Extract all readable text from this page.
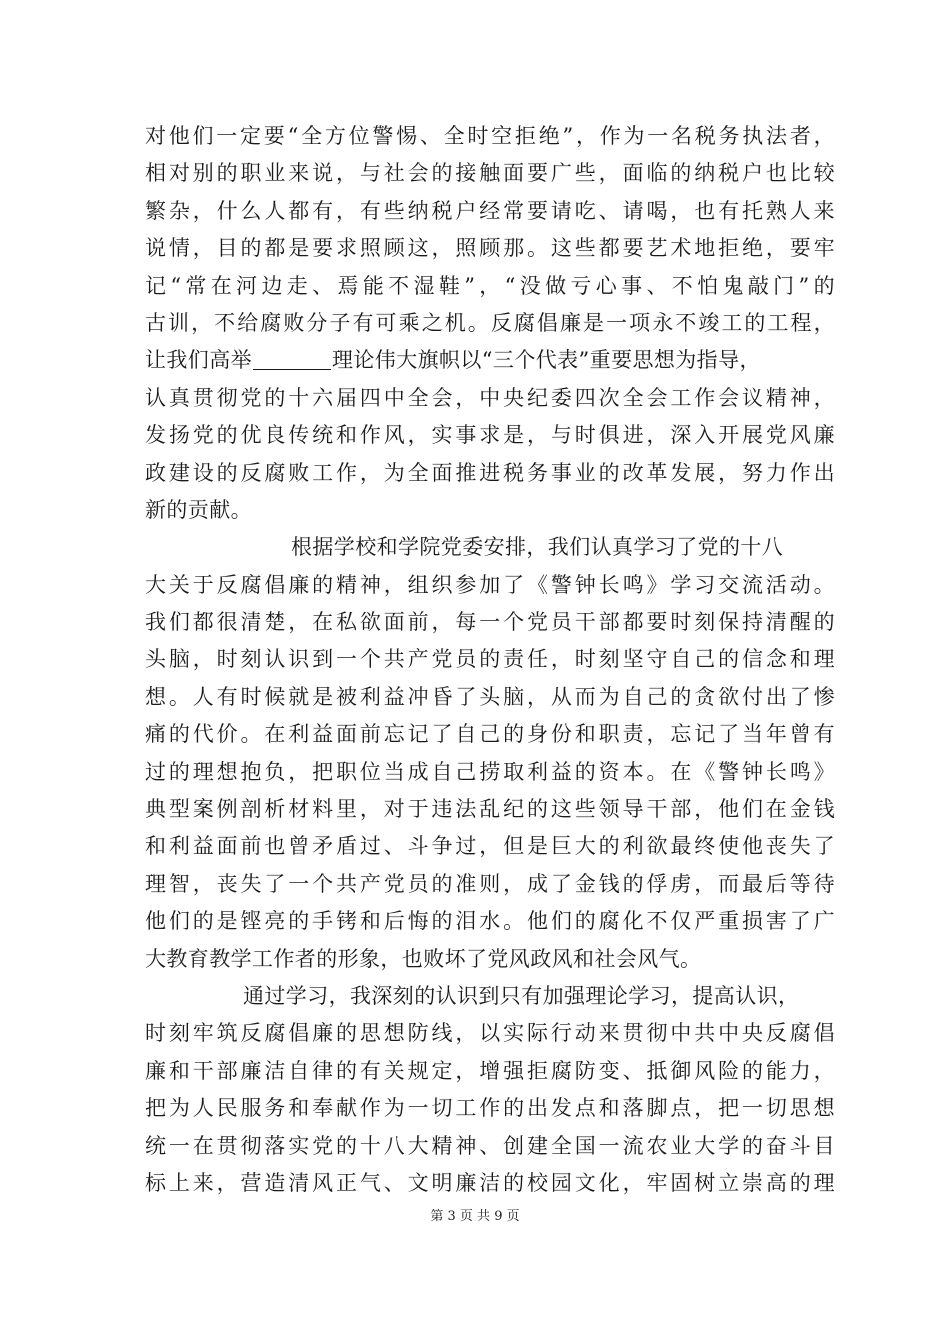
对他们一定要“全方位警惕、全时空拒绝”，作为一名税务执法者，
相对别的职业来说，与社会的接触面要广些，面临的纳税户也比较
繁杂，什么人都有，有些纳税户经常要请吃、请喝，也有托熟人来
说情，目的都是要求照顾这，照顾那。这些都要艺术地拒绝，要牢
记“常在河边走、焉能不湿鞋”，“没做亏心事、不怕鬼敲门”的
古训，不给腐败分子有可乘之机。反腐倡廉是一项永不竣工的工程，
让我们高举	理论伟大旗帜以“三个代表”重要思想为指导，
认真贯彻党的十六届四中全会，中央纪委四次全会工作会议精神，
发扬党的优良传统和作风，实事求是，与时俱进，深入开展党风廉
政建设的反腐败工作，为全面推进税务事业的改革发展，努力作出
新的贡献。
根据学校和学院党委安排，我们认真学习了党的十八
大关于反腐倡廉的精神，组织参加了《警钟长鸣》学习交流活动。
我们都很清楚，在私欲面前，每一个党员干部都要时刻保持清醒的
头脑，时刻认识到一个共产党员的责任，时刻坚守自己的信念和理
想。人有时候就是被利益冲昏了头脑，从而为自己的贪欲付出了惨
痛的代价。在利益面前忘记了自己的身份和职责，忘记了当年曾有
过的理想抱负，把职位当成自己捞取利益的资本。在《警钟长鸣》
典型案例剖析材料里，对于违法乱纪的这些领导干部，他们在金钱
和利益面前也曾矛盾过、斗争过，但是巨大的利欲最终使他丧失了
理智，丧失了一个共产党员的准则，成了金钱的俘虏，而最后等待
他们的是铿亮的手铐和后悔的泪水。他们的腐化不仅严重损害了广
大教育教学工作者的形象，也败坏了党风政风和社会风气。
通过学习，我深刻的认识到只有加强理论学习，提高认识，
时刻牢筑反腐倡廉的思想防线，以实际行动来贯彻中共中央反腐倡
廉和干部廉洁自律的有关规定，增强拒腐防变、抵御风险的能力，
把为人民服务和奉献作为一切工作的出发点和落脚点，把一切思想
统一在贯彻落实党的十八大精神、创建全国一流农业大学的奋斗目
标上来，营造清风正气、文明廉洁的校园文化，牢固树立崇高的理
第 3 页 共 9 页
